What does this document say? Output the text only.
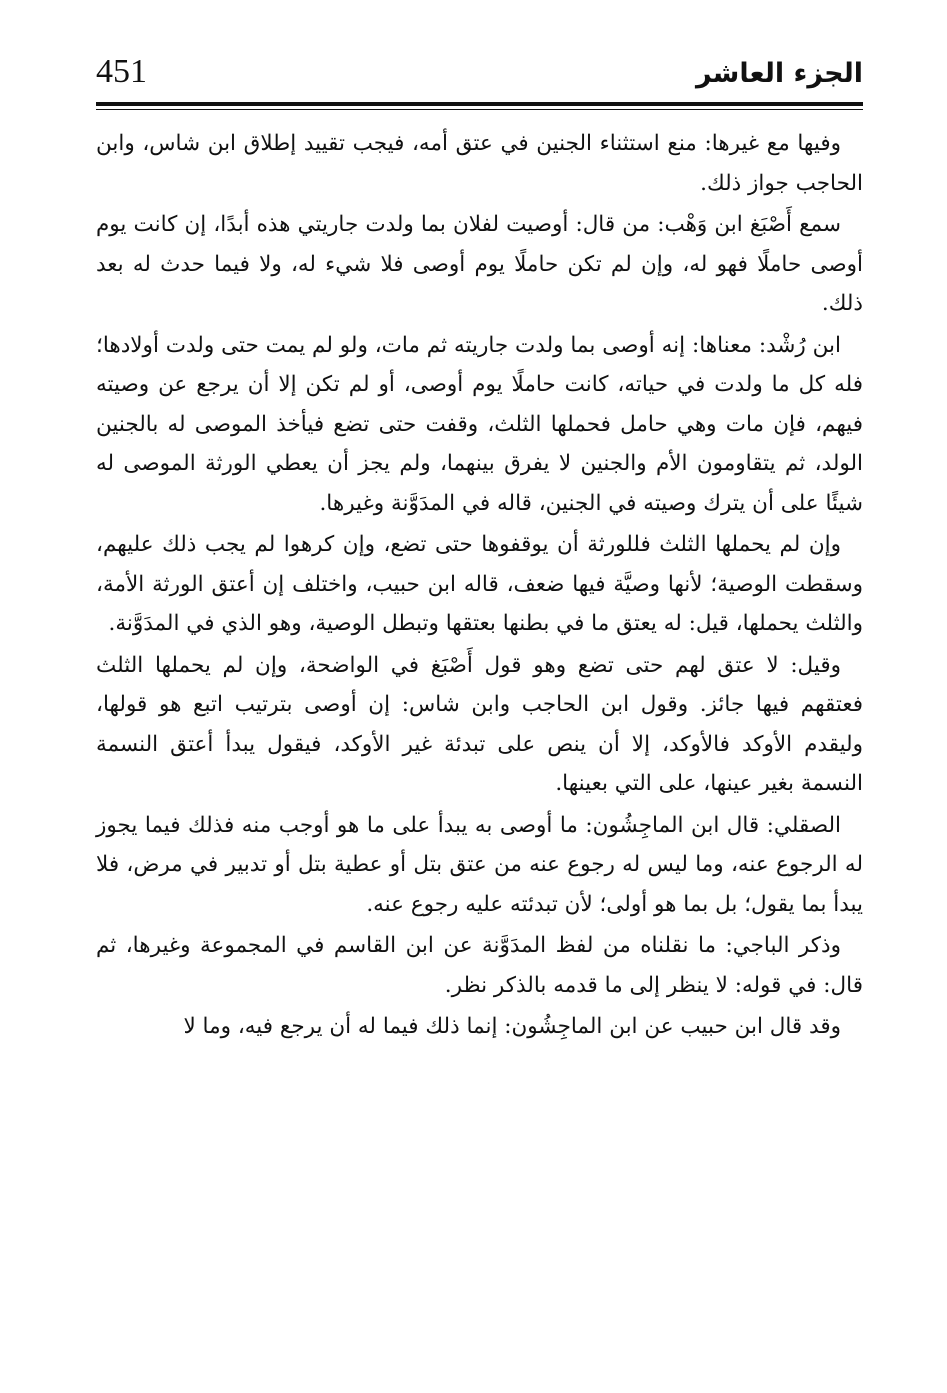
451	الجزء العاشر

وفيها مع غيرها: منع استثناء الجنين في عتق أمه، فيجب تقييد إطلاق ابن شاس، وابن الحاجب جواز ذلك.

سمع أَصْبَغ ابن وَهْب: من قال: أوصيت لفلان بما ولدت جاريتي هذه أبدًا، إن كانت يوم أوصى حاملًا فهو له، وإن لم تكن حاملًا يوم أوصى فلا شيء له، ولا فيما حدث له بعد ذلك.

ابن رُشْد: معناها: إنه أوصى بما ولدت جاريته ثم مات، ولو لم يمت حتى ولدت أولادها؛ فله كل ما ولدت في حياته، كانت حاملًا يوم أوصى، أو لم تكن إلا أن يرجع عن وصيته فيهم، فإن مات وهي حامل فحملها الثلث، وقفت حتى تضع فيأخذ الموصى له بالجنين الولد، ثم يتقاومون الأم والجنين لا يفرق بينهما، ولم يجز أن يعطي الورثة الموصى له شيئًا على أن يترك وصيته في الجنين، قاله في المدَوَّنة وغيرها.

وإن لم يحملها الثلث فللورثة أن يوقفوها حتى تضع، وإن كرهوا لم يجب ذلك عليهم، وسقطت الوصية؛ لأنها وصيَّة فيها ضعف، قاله ابن حبيب، واختلف إن أعتق الورثة الأمة، والثلث يحملها، قيل: له يعتق ما في بطنها بعتقها وتبطل الوصية، وهو الذي في المدَوَّنة.

وقيل: لا عتق لهم حتى تضع وهو قول أَصْبَغ في الواضحة، وإن لم يحملها الثلث فعتقهم فيها جائز. وقول ابن الحاجب وابن شاس: إن أوصى بترتيب اتبع هو قولها، وليقدم الأوكد فالأوكد، إلا أن ينص على تبدئة غير الأوكد، فيقول يبدأ أعتق النسمة النسمة بغير عينها، على التي بعينها.

الصقلي: قال ابن الماجِشُون: ما أوصى به يبدأ على ما هو أوجب منه فذلك فيما يجوز له الرجوع عنه، وما ليس له رجوع عنه من عتق بتل أو عطية بتل أو تدبير في مرض، فلا يبدأ بما يقول؛ بل بما هو أولى؛ لأن تبدئته عليه رجوع عنه.

وذكر الباجي: ما نقلناه من لفظ المدَوَّنة عن ابن القاسم في المجموعة وغيرها، ثم قال: في قوله: لا ينظر إلى ما قدمه بالذكر نظر.

وقد قال ابن حبيب عن ابن الماجِشُون: إنما ذلك فيما له أن يرجع فيه، وما لا
